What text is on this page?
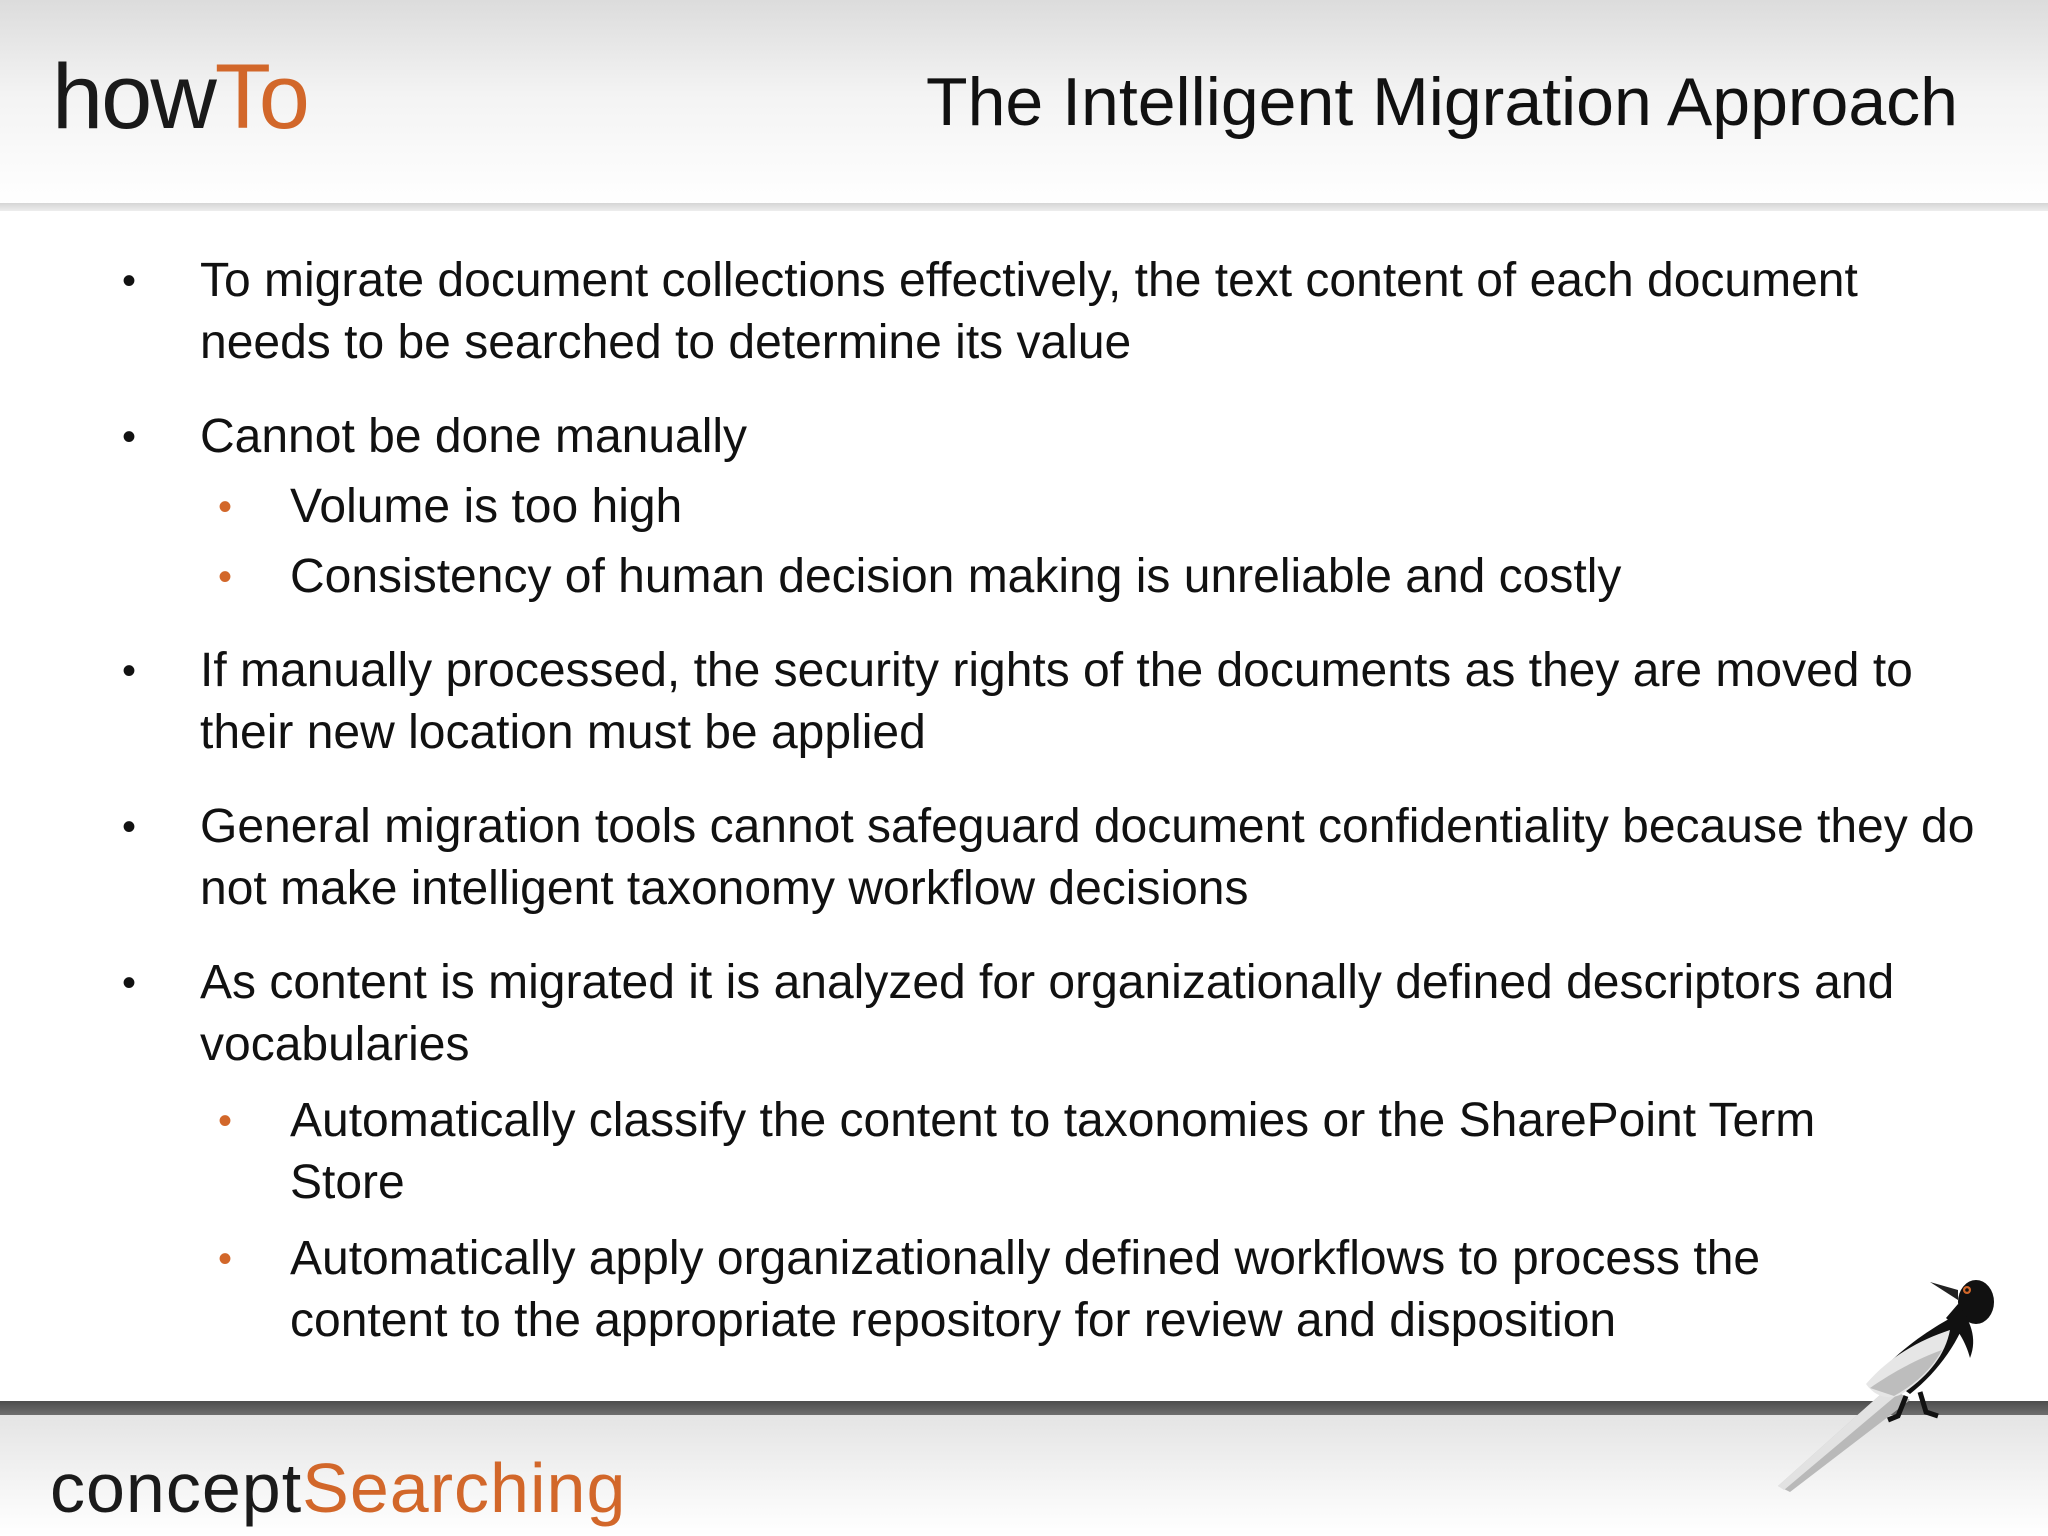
howTo	The Intelligent Migration Approach
• To migrate document collections effectively, the text content of each document needs to be searched to determine its value
• Cannot be done manually
• Volume is too high
• Consistency of human decision making is unreliable and costly
• If manually processed, the security rights of the documents as they are moved to their new location must be applied
• General migration tools cannot safeguard document confidentiality because they do not make intelligent taxonomy workflow decisions
• As content is migrated it is analyzed for organizationally defined descriptors and vocabularies
• Automatically classify the content to taxonomies or the SharePoint Term Store
• Automatically apply organizationally defined workflows to process the content to the appropriate repository for review and disposition
conceptSearching
